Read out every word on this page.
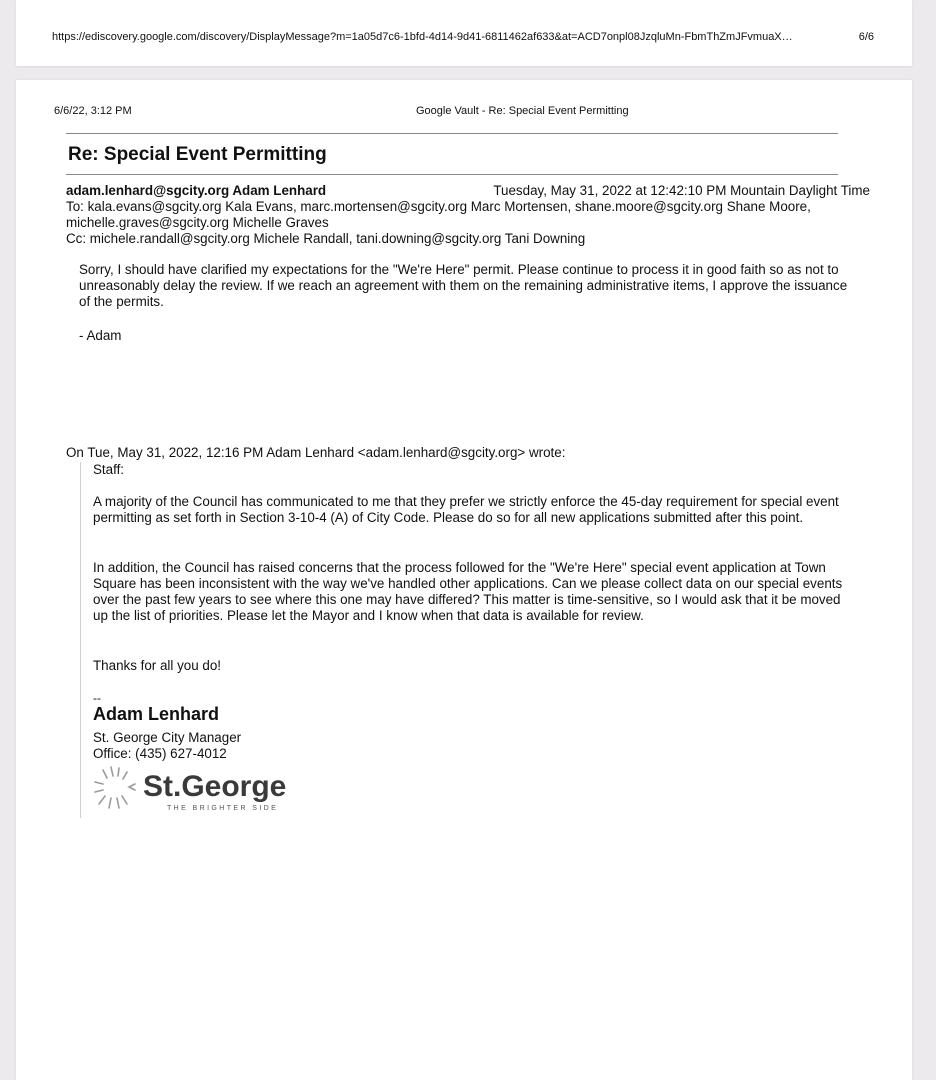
https://ediscovery.google.com/discovery/DisplayMessage?m=1a05d7c6-1bfd-4d14-9d41-6811462af633&at=ACD7onpl08JzqluMn-FbmThZmJFvmuaX…	6/6
6/6/22, 3:12 PM	Google Vault - Re: Special Event Permitting
Re: Special Event Permitting
adam.lenhard@sgcity.org Adam Lenhard	Tuesday, May 31, 2022 at 12:42:10 PM Mountain Daylight Time
To: kala.evans@sgcity.org Kala Evans, marc.mortensen@sgcity.org Marc Mortensen, shane.moore@sgcity.org Shane Moore,
michelle.graves@sgcity.org Michelle Graves
Cc: michele.randall@sgcity.org Michele Randall, tani.downing@sgcity.org Tani Downing

Sorry, I should have clarified my expectations for the "We're Here" permit. Please continue to process it in good faith so as not to unreasonably delay the review. If we reach an agreement with them on the remaining administrative items, I approve the issuance of the permits.

- Adam
On Tue, May 31, 2022, 12:16 PM Adam Lenhard <adam.lenhard@sgcity.org> wrote:
Staff:

A majority of the Council has communicated to me that they prefer we strictly enforce the 45-day requirement for special event permitting as set forth in Section 3-10-4 (A) of City Code. Please do so for all new applications submitted after this point.

In addition, the Council has raised concerns that the process followed for the "We're Here" special event application at Town Square has been inconsistent with the way we've handled other applications. Can we please collect data on our special events over the past few years to see where this one may have differed? This matter is time-sensitive, so I would ask that it be moved up the list of priorities. Please let the Mayor and I know when that data is available for review.

Thanks for all you do!
--
Adam Lenhard
St. George City Manager
Office: (435) 627-4012
St.George
THE BRIGHTER SIDE
